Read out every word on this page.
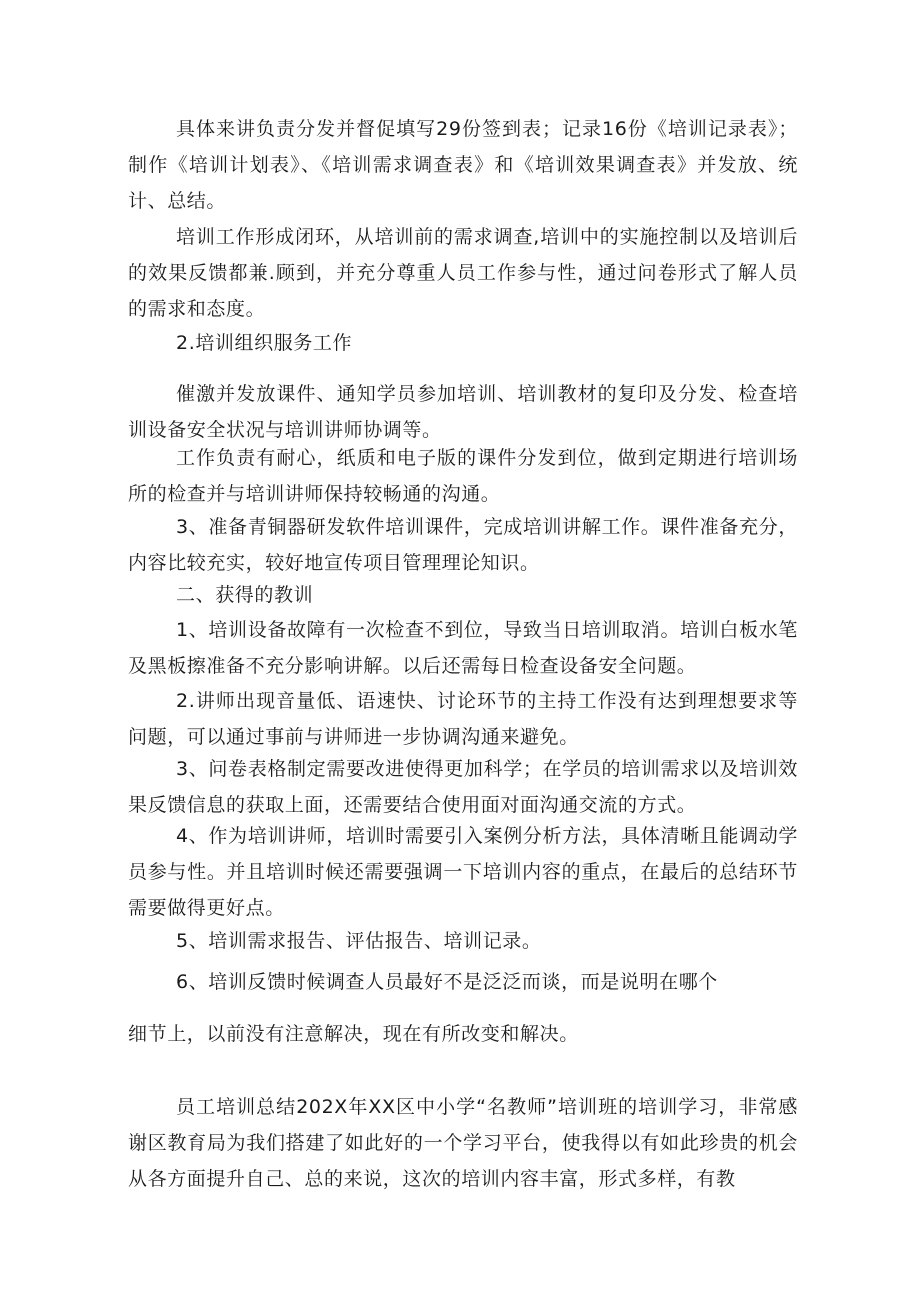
具体来讲负责分发并督促填写29份签到表；记录16份《培训记录表》；制作《培训计划表》、《培训需求调查表》和《培训效果调查表》并发放、统计、总结。

培训工作形成闭环，从培训前的需求调查,培训中的实施控制以及培训后的效果反馈都兼.顾到，并充分尊重人员工作参与性，通过问卷形式了解人员的需求和态度。

2.培训组织服务工作

催激并发放课件、通知学员参加培训、培训教材的复印及分发、检查培训设备安全状况与培训讲师协调等。

工作负责有耐心，纸质和电子版的课件分发到位，做到定期进行培训场所的检查并与培训讲师保持较畅通的沟通。

3、准备青铜器研发软件培训课件，完成培训讲解工作。课件准备充分，内容比较充实，较好地宣传项目管理理论知识。

二、获得的教训

1、培训设备故障有一次检查不到位，导致当日培训取消。培训白板水笔及黑板擦准备不充分影响讲解。以后还需每日检查设备安全问题。

2.讲师出现音量低、语速快、讨论环节的主持工作没有达到理想要求等问题，可以通过事前与讲师进一步协调沟通来避免。

3、问卷表格制定需要改进使得更加科学；在学员的培训需求以及培训效果反馈信息的获取上面，还需要结合使用面对面沟通交流的方式。

4、作为培训讲师，培训时需要引入案例分析方法，具体清晰且能调动学员参与性。并且培训时候还需要强调一下培训内容的重点，在最后的总结环节需要做得更好点。

5、培训需求报告、评估报告、培训记录。

6、培训反馈时候调查人员最好不是泛泛而谈，而是说明在哪个

细节上，以前没有注意解决，现在有所改变和解决。

员工培训总结202X年XX区中小学“名教师”培训班的培训学习，非常感谢区教育局为我们搭建了如此好的一个学习平台，使我得以有如此珍贵的机会从各方面提升自己、总的来说，这次的培训内容丰富，形式多样，有教
